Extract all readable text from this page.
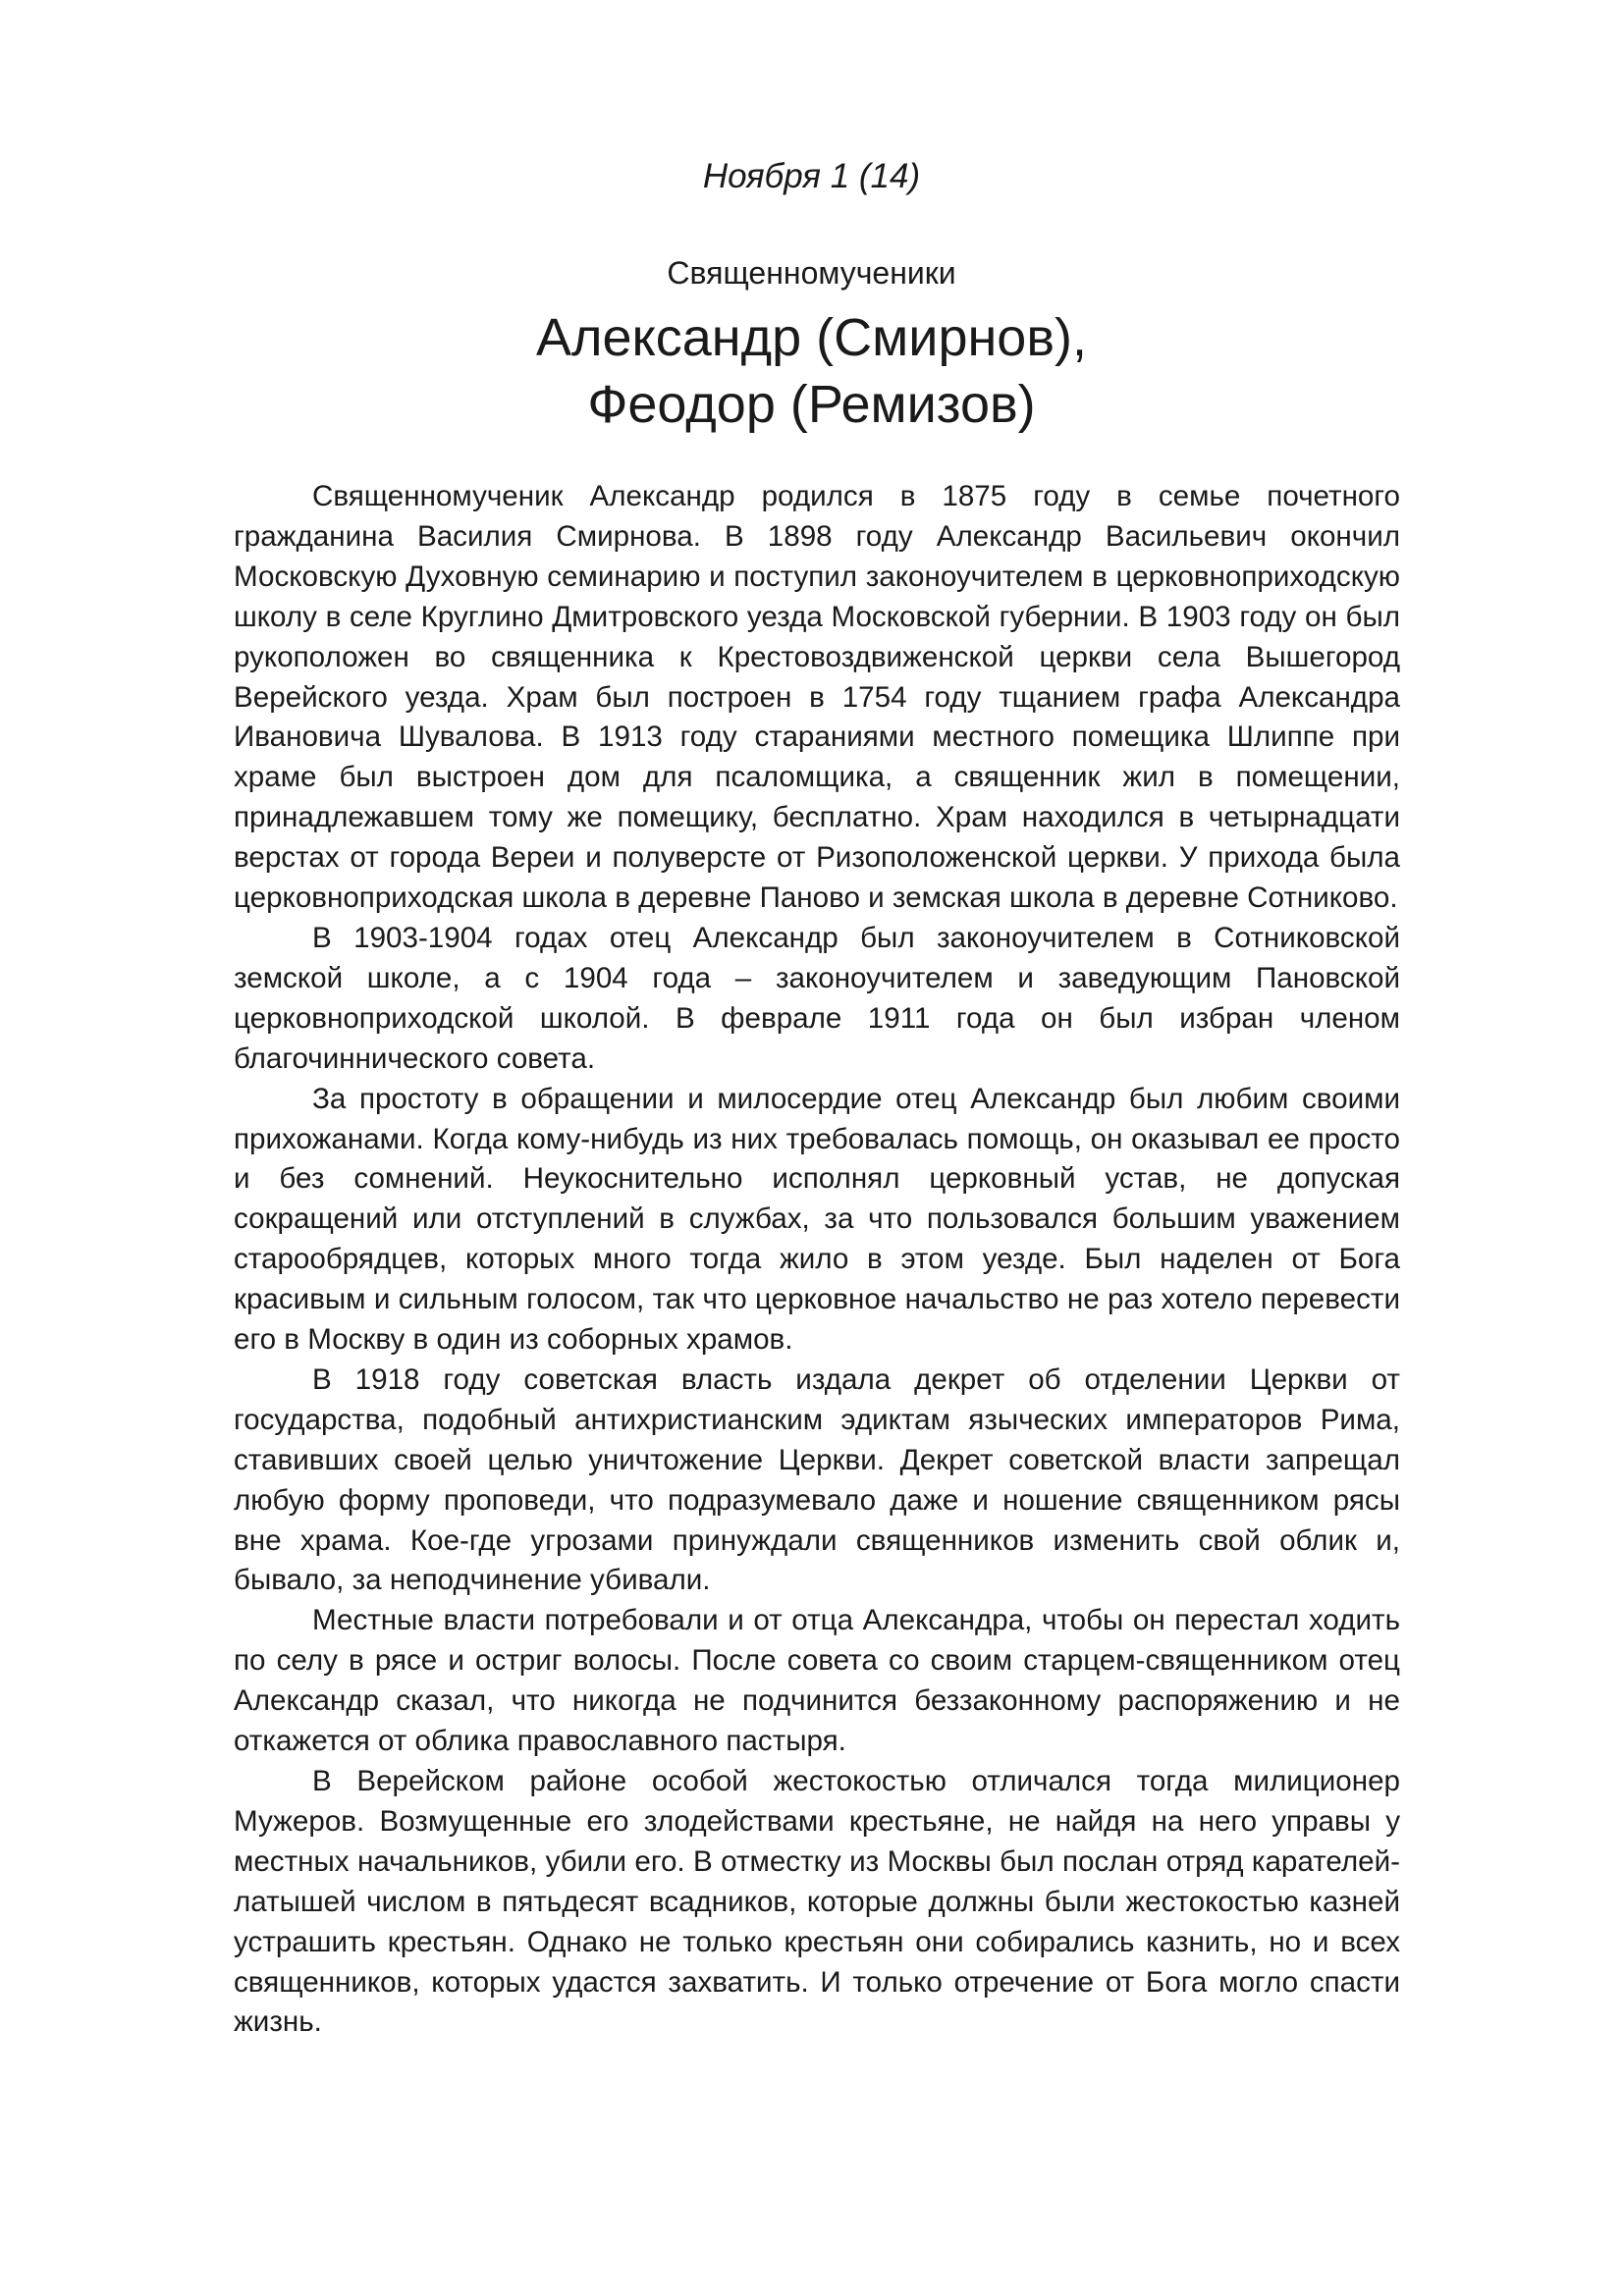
Ноября 1 (14)
Священномученики
Александр (Смирнов),
Феодор (Ремизов)

Священномученик Александр родился в 1875 году в семье почетного гражданина Василия Смирнова. В 1898 году Александр Васильевич окончил Московскую Духовную семинарию и поступил законоучителем в церковноприходскую школу в селе Круглино Дмитровского уезда Московской губернии. В 1903 году он был рукоположен во священника к Крестовоздвиженской церкви села Вышегород Верейского уезда. Храм был построен в 1754 году тщанием графа Александра Ивановича Шувалова. В 1913 году стараниями местного помещика Шлиппе при храме был выстроен дом для псаломщика, а священник жил в помещении, принадлежавшем тому же помещику, бесплатно. Храм находился в четырнадцати верстах от города Вереи и полуверсте от Ризоположенской церкви. У прихода была церковноприходская школа в деревне Паново и земская школа в деревне Сотниково.

В 1903-1904 годах отец Александр был законоучителем в Сотниковской земской школе, а с 1904 года – законоучителем и заведующим Пановской церковноприходской школой. В феврале 1911 года он был избран членом благочиннического совета.

За простоту в обращении и милосердие отец Александр был любим своими прихожанами. Когда кому-нибудь из них требовалась помощь, он оказывал ее просто и без сомнений. Неукоснительно исполнял церковный устав, не допуская сокращений или отступлений в службах, за что пользовался большим уважением старообрядцев, которых много тогда жило в этом уезде. Был наделен от Бога красивым и сильным голосом, так что церковное начальство не раз хотело перевести его в Москву в один из соборных храмов.

В 1918 году советская власть издала декрет об отделении Церкви от государства, подобный антихристианским эдиктам языческих императоров Рима, ставивших своей целью уничтожение Церкви. Декрет советской власти запрещал любую форму проповеди, что подразумевало даже и ношение священником рясы вне храма. Кое-где угрозами принуждали священников изменить свой облик и, бывало, за неподчинение убивали.

Местные власти потребовали и от отца Александра, чтобы он перестал ходить по селу в рясе и остриг волосы. После совета со своим старцем-священником отец Александр сказал, что никогда не подчинится беззаконному распоряжению и не откажется от облика православного пастыря.

В Верейском районе особой жестокостью отличался тогда милиционер Мужеров. Возмущенные его злодействами крестьяне, не найдя на него управы у местных начальников, убили его. В отместку из Москвы был послан отряд карателей-латышей числом в пятьдесят всадников, которые должны были жестокостью казней устрашить крестьян. Однако не только крестьян они собирались казнить, но и всех священников, которых удастся захватить. И только отречение от Бога могло спасти жизнь.
